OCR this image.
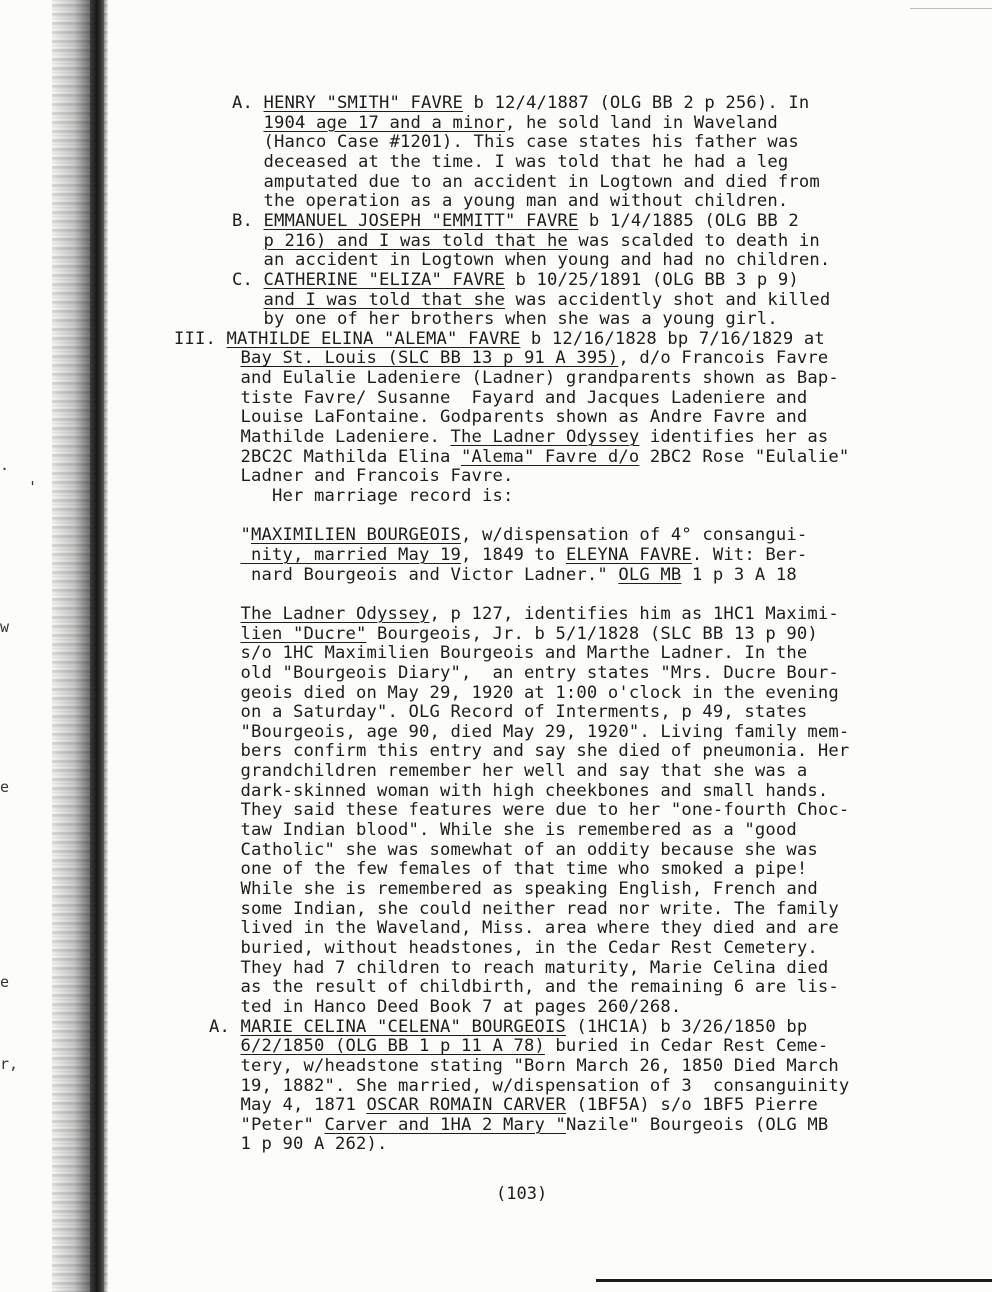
.
'
w
e
e
r,
A. HENRY "SMITH" FAVRE b 12/4/1887 (OLG BB 2 p 256). In
1904 age 17 and a minor, he sold land in Waveland
(Hanco Case #1201). This case states his father was
deceased at the time. I was told that he had a leg
amputated due to an accident in Logtown and died from
the operation as a young man and without children.
B. EMMANUEL JOSEPH "EMMITT" FAVRE b 1/4/1885 (OLG BB 2
p 216) and I was told that he was scalded to death in
an accident in Logtown when young and had no children.
C. CATHERINE "ELIZA" FAVRE b 10/25/1891 (OLG BB 3 p 9)
and I was told that she was accidently shot and killed
by one of her brothers when she was a young girl.
III. MATHILDE ELINA "ALEMA" FAVRE b 12/16/1828 bp 7/16/1829 at
Bay St. Louis (SLC BB 13 p 91 A 395), d/o Francois Favre
and Eulalie Ladeniere (Ladner) grandparents shown as Bap-
tiste Favre/ Susanne  Fayard and Jacques Ladeniere and
Louise LaFontaine. Godparents shown as Andre Favre and
Mathilde Ladeniere. The Ladner Odyssey identifies her as
2BC2C Mathilda Elina "Alema" Favre d/o 2BC2 Rose "Eulalie"
Ladner and Francois Favre.
Her marriage record is:

"MAXIMILIEN BOURGEOIS, w/dispensation of 4° consangui-
nity, married May 19, 1849 to ELEYNA FAVRE. Wit: Ber-
nard Bourgeois and Victor Ladner." OLG MB 1 p 3 A 18

The Ladner Odyssey, p 127, identifies him as 1HC1 Maximi-
lien "Ducre" Bourgeois, Jr. b 5/1/1828 (SLC BB 13 p 90)
s/o 1HC Maximilien Bourgeois and Marthe Ladner. In the
old "Bourgeois Diary",  an entry states "Mrs. Ducre Bour-
geois died on May 29, 1920 at 1:00 o'clock in the evening
on a Saturday". OLG Record of Interments, p 49, states
"Bourgeois, age 90, died May 29, 1920". Living family mem-
bers confirm this entry and say she died of pneumonia. Her
grandchildren remember her well and say that she was a
dark-skinned woman with high cheekbones and small hands.
They said these features were due to her "one-fourth Choc-
taw Indian blood". While she is remembered as a "good
Catholic" she was somewhat of an oddity because she was
one of the few females of that time who smoked a pipe!
While she is remembered as speaking English, French and
some Indian, she could neither read nor write. The family
lived in the Waveland, Miss. area where they died and are
buried, without headstones, in the Cedar Rest Cemetery.
They had 7 children to reach maturity, Marie Celina died
as the result of childbirth, and the remaining 6 are lis-
ted in Hanco Deed Book 7 at pages 260/268.
A. MARIE CELINA "CELENA" BOURGEOIS (1HC1A) b 3/26/1850 bp
6/2/1850 (OLG BB 1 p 11 A 78) buried in Cedar Rest Ceme-
tery, w/headstone stating "Born March 26, 1850 Died March
19, 1882". She married, w/dispensation of 3  consanguinity
May 4, 1871 OSCAR ROMAIN CARVER (1BF5A) s/o 1BF5 Pierre
"Peter" Carver and 1HA 2 Mary "Nazile" Bourgeois (OLG MB
1 p 90 A 262).
(103)
